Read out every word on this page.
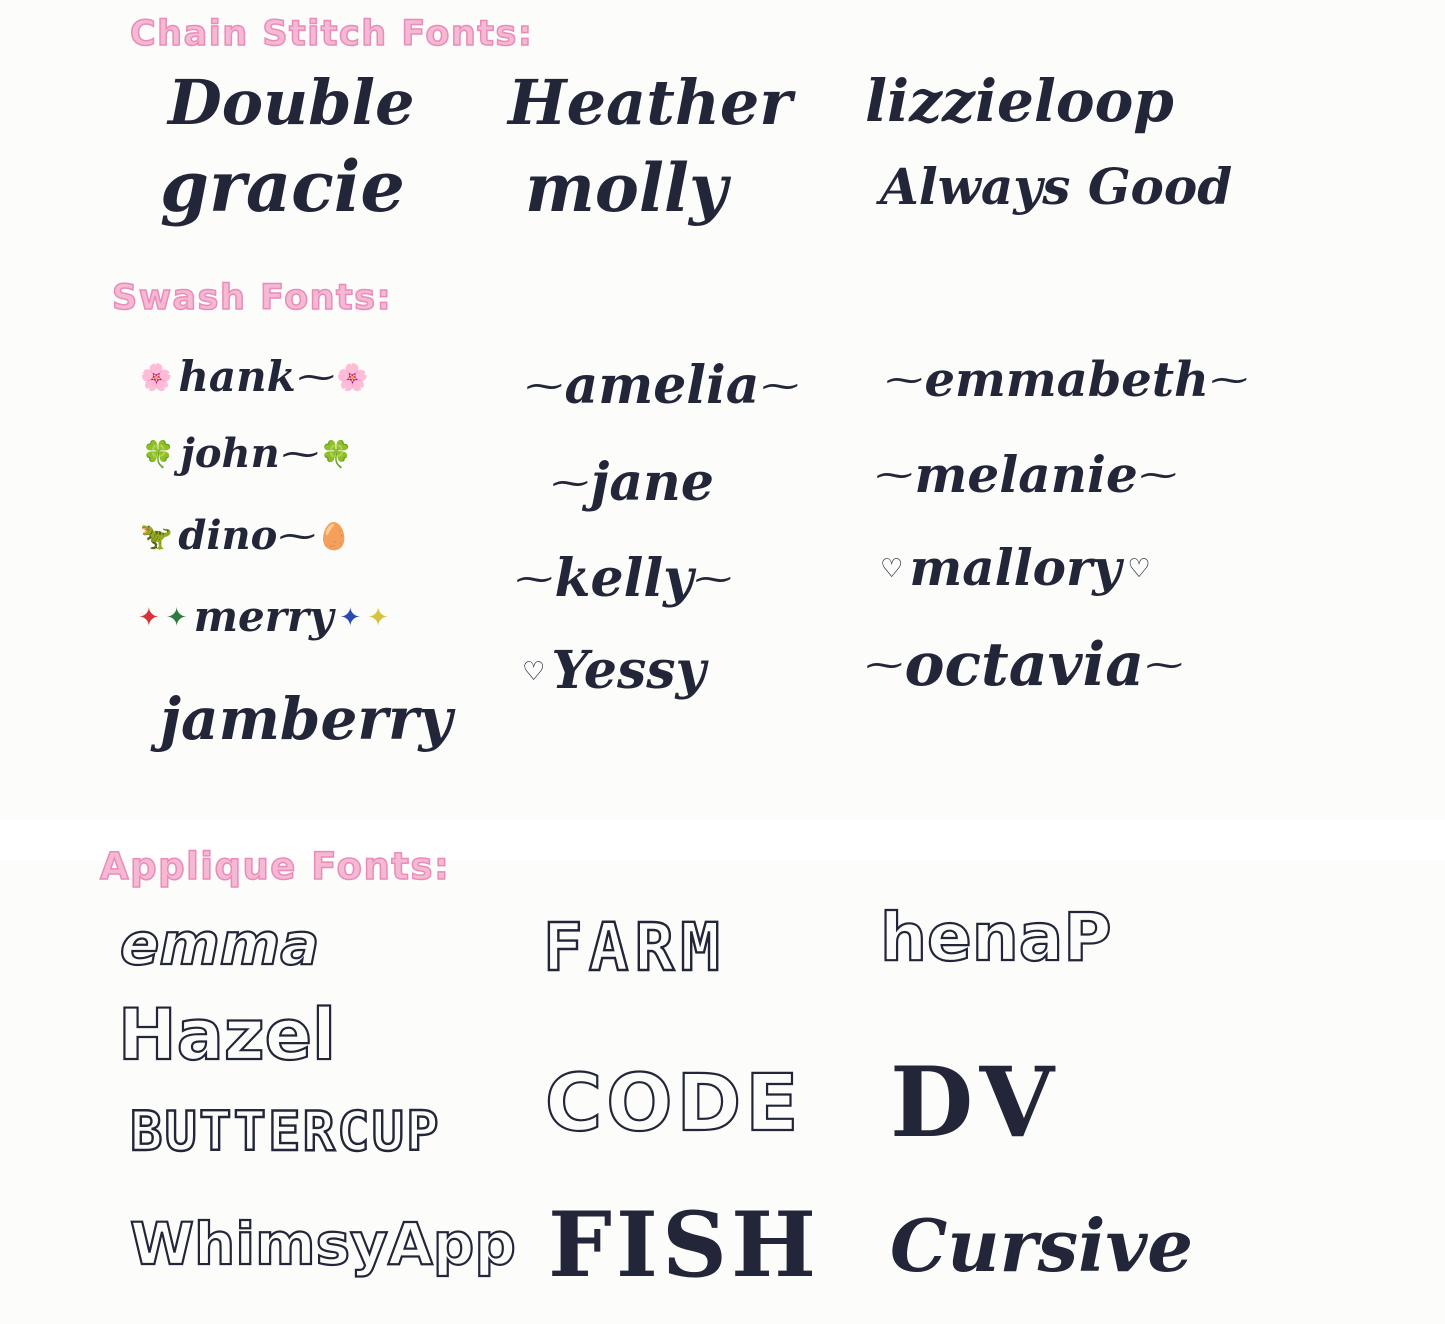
Chain Stitch Fonts:
Double
gracie
Heather
molly
lizzieloop
Always Good
Swash Fonts:
🌸 hank
~
🌸
🍀 john
~
🍀
🦖 dino
~
🥚
✦ ✦ merry ✦ ✦
jamberry
~
amelia
~
~
jane
~
kelly
~
♡ Yessy
~
emmabeth
~
~
melanie
~
♡ mallory ♡
~
octavia
~
Applique Fonts:
emma
Hazel
BUTTERCUP
WhimsyApp
FARM
CODE
FISH
henaP
DV
Cursive
